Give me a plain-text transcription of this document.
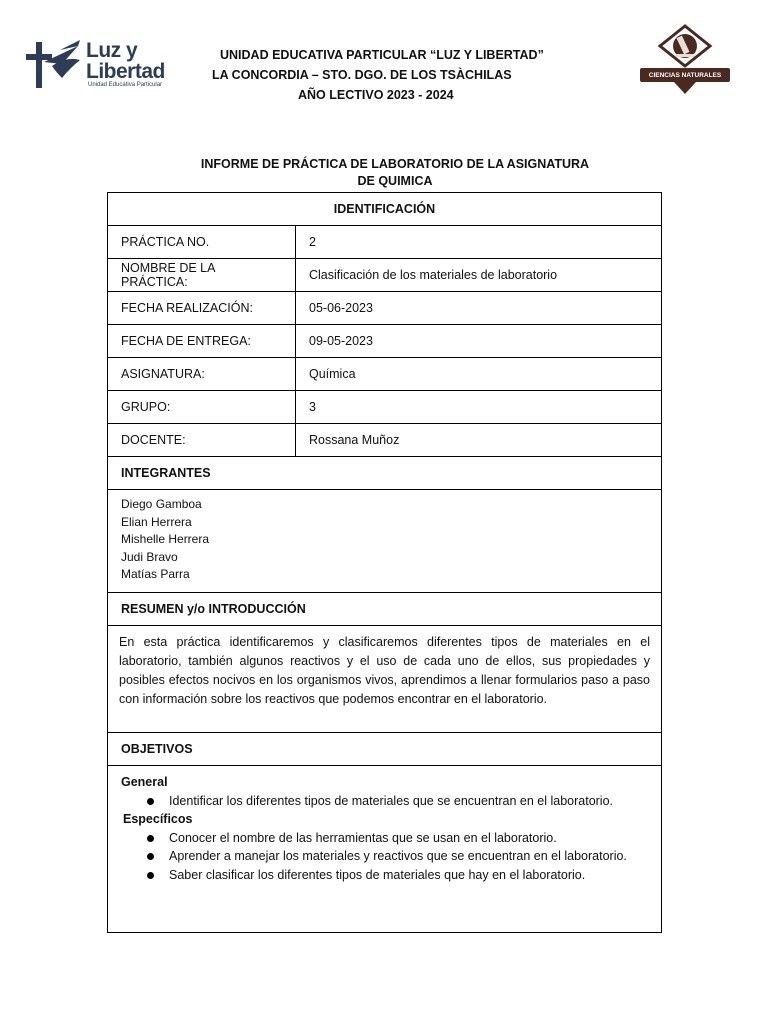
Luz y
Libertad
Unidad Educativa Particular
UNIDAD EDUCATIVA PARTICULAR “LUZ Y LIBERTAD”
LA CONCORDIA – STO. DGO. DE LOS TSÀCHILAS
AÑO LECTIVO 2023 - 2024
CIENCIAS NATURALES
INFORME DE PRÁCTICA DE LABORATORIO DE LA ASIGNATURA
DE QUIMICA
IDENTIFICACIÓN
PRÁCTICA NO.	2
NOMBRE DE LA PRÁCTICA:	Clasificación de los materiales de laboratorio
FECHA REALIZACIÓN:	05-06-2023
FECHA DE ENTREGA:	09-05-2023
ASIGNATURA:	Química
GRUPO:	3
DOCENTE:	Rossana Muñoz
INTEGRANTES
Diego Gamboa
Elian Herrera
Mishelle Herrera
Judi Bravo
Matías Parra
RESUMEN y/o INTRODUCCIÓN
En esta práctica identificaremos y clasificaremos diferentes tipos de materiales en el laboratorio, también algunos reactivos y el uso de cada uno de ellos, sus propiedades y posibles efectos nocivos en los organismos vivos, aprendimos a llenar formularios paso a paso con información sobre los reactivos que podemos encontrar en el laboratorio.
OBJETIVOS
General
Identificar los diferentes tipos de materiales que se encuentran en el laboratorio.
Específicos
Conocer el nombre de las herramientas que se usan en el laboratorio.
Aprender a manejar los materiales y reactivos que se encuentran en el laboratorio.
Saber clasificar los diferentes tipos de materiales que hay en el laboratorio.
